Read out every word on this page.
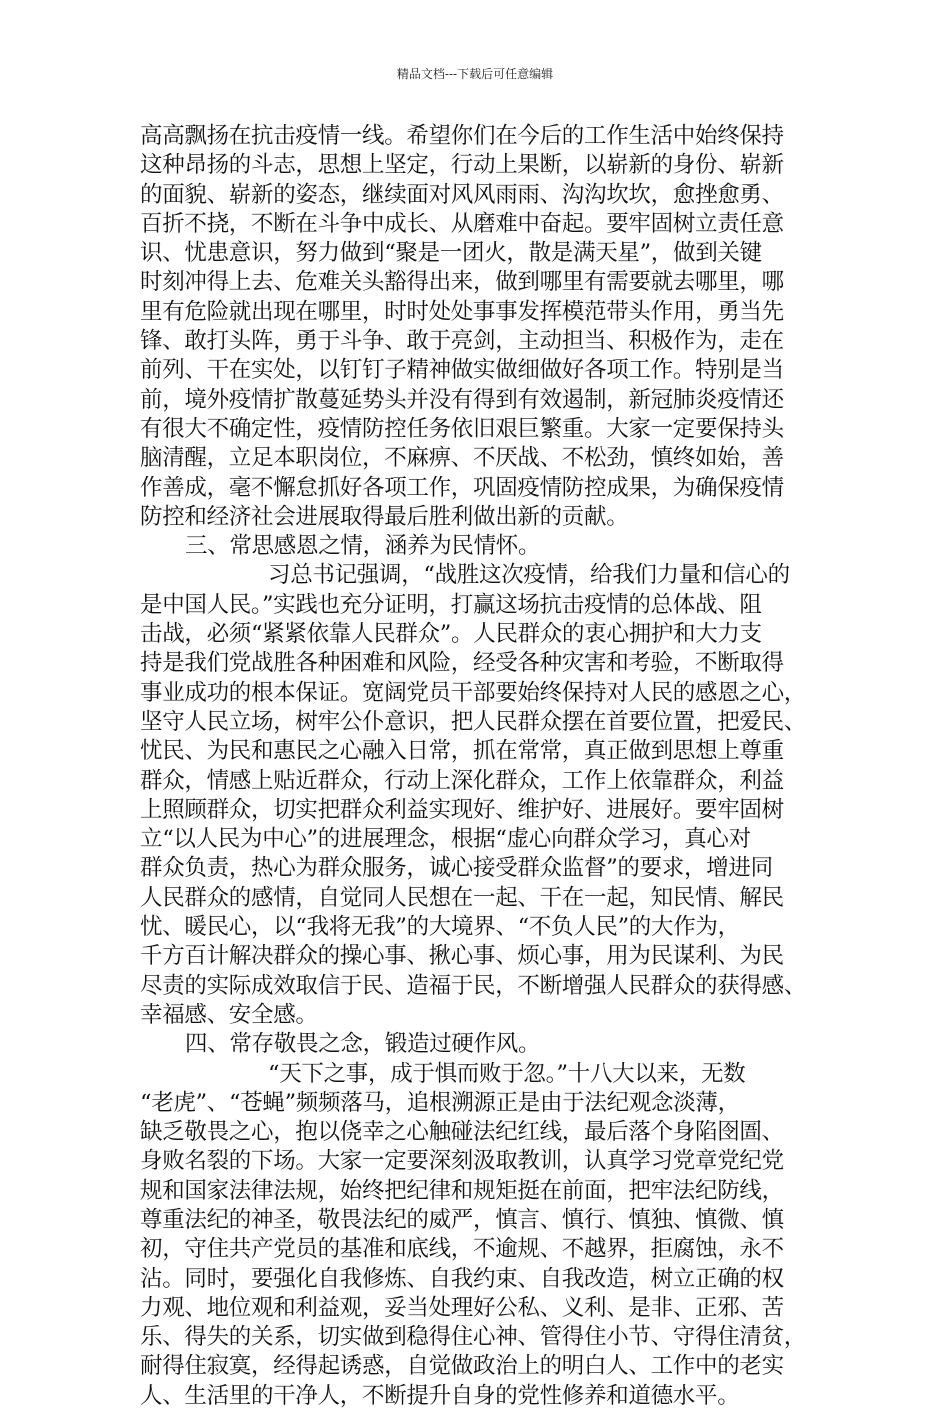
精品文档---下载后可任意编辑
高高飘扬在抗击疫情一线。希望你们在今后的工作生活中始终保持
这种昂扬的斗志，思想上坚定，行动上果断，以崭新的身份、崭新
的面貌、崭新的姿态，继续面对风风雨雨、沟沟坎坎，愈挫愈勇、
百折不挠，不断在斗争中成长、从磨难中奋起。要牢固树立责任意
识、忧患意识，努力做到“聚是一团火，散是满天星”，做到关键
时刻冲得上去、危难关头豁得出来，做到哪里有需要就去哪里，哪
里有危险就出现在哪里，时时处处事事发挥模范带头作用，勇当先
锋、敢打头阵，勇于斗争、敢于亮剑，主动担当、积极作为，走在
前列、干在实处，以钉钉子精神做实做细做好各项工作。特别是当
前，境外疫情扩散蔓延势头并没有得到有效遏制，新冠肺炎疫情还
有很大不确定性，疫情防控任务依旧艰巨繁重。大家一定要保持头
脑清醒，立足本职岗位，不麻痹、不厌战、不松劲，慎终如始，善
作善成，毫不懈怠抓好各项工作，巩固疫情防控成果，为确保疫情
防控和经济社会进展取得最后胜利做出新的贡献。
三、常思感恩之情，涵养为民情怀。
习总书记强调，“战胜这次疫情，给我们力量和信心的
是中国人民。”实践也充分证明，打赢这场抗击疫情的总体战、阻
击战，必须“紧紧依靠人民群众”。人民群众的衷心拥护和大力支
持是我们党战胜各种困难和风险，经受各种灾害和考验，不断取得
事业成功的根本保证。宽阔党员干部要始终保持对人民的感恩之心，
坚守人民立场，树牢公仆意识，把人民群众摆在首要位置，把爱民、
忧民、为民和惠民之心融入日常，抓在常常，真正做到思想上尊重
群众，情感上贴近群众，行动上深化群众，工作上依靠群众，利益
上照顾群众，切实把群众利益实现好、维护好、进展好。要牢固树
立“以人民为中心”的进展理念，根据“虚心向群众学习，真心对
群众负责，热心为群众服务，诚心接受群众监督”的要求，增进同
人民群众的感情，自觉同人民想在一起、干在一起，知民情、解民
忧、暖民心，以“我将无我”的大境界、“不负人民”的大作为，
千方百计解决群众的操心事、揪心事、烦心事，用为民谋利、为民
尽责的实际成效取信于民、造福于民，不断增强人民群众的获得感、
幸福感、安全感。
四、常存敬畏之念，锻造过硬作风。
“天下之事，成于惧而败于忽。”十八大以来，无数
“老虎”、“苍蝇”频频落马，追根溯源正是由于法纪观念淡薄，
缺乏敬畏之心，抱以侥幸之心触碰法纪红线，最后落个身陷囹圄、
身败名裂的下场。大家一定要深刻汲取教训，认真学习党章党纪党
规和国家法律法规，始终把纪律和规矩挺在前面，把牢法纪防线，
尊重法纪的神圣，敬畏法纪的威严，慎言、慎行、慎独、慎微、慎
初，守住共产党员的基准和底线，不逾规、不越界，拒腐蚀，永不
沾。同时，要强化自我修炼、自我约束、自我改造，树立正确的权
力观、地位观和利益观，妥当处理好公私、义利、是非、正邪、苦
乐、得失的关系，切实做到稳得住心神、管得住小节、守得住清贫，
耐得住寂寞，经得起诱惑，自觉做政治上的明白人、工作中的老实
人、生活里的干净人，不断提升自身的党性修养和道德水平。
